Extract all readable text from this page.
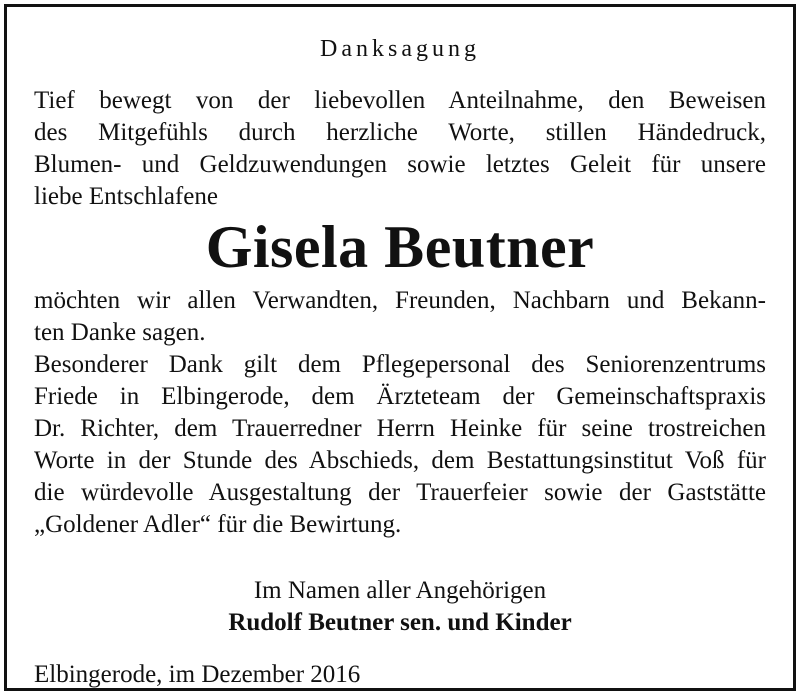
Danksagung
Tief bewegt von der liebevollen Anteilnahme, den Beweisen
des Mitgefühls durch herzliche Worte, stillen Händedruck,
Blumen- und Geldzuwendungen sowie letztes Geleit für unsere
liebe Entschlafene
Gisela Beutner
möchten wir allen Verwandten, Freunden, Nachbarn und Bekann-
ten Danke sagen.
Besonderer Dank gilt dem Pflegepersonal des Seniorenzentrums
Friede in Elbingerode, dem Ärzteteam der Gemeinschaftspraxis
Dr. Richter, dem Trauerredner Herrn Heinke für seine trostreichen
Worte in der Stunde des Abschieds, dem Bestattungsinstitut Voß für
die würdevolle Ausgestaltung der Trauerfeier sowie der Gaststätte
„Goldener Adler“ für die Bewirtung.
Im Namen aller Angehörigen
Rudolf Beutner sen. und Kinder
Elbingerode, im Dezember 2016
